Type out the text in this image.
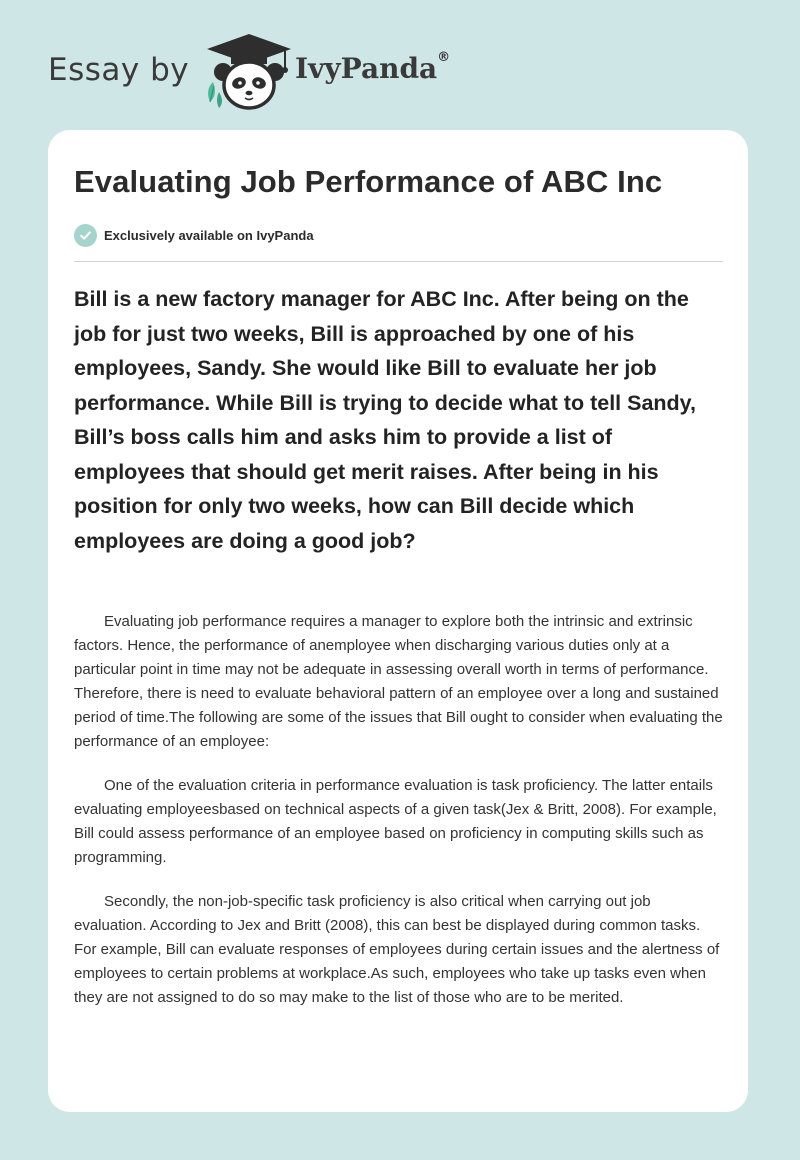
Essay by	IvyPanda®
Evaluating Job Performance of ABC Inc
Exclusively available on IvyPanda

Bill is a new factory manager for ABC Inc. After being on the job for just two weeks, Bill is approached by one of his employees, Sandy. She would like Bill to evaluate her job performance. While Bill is trying to decide what to tell Sandy, Bill’s boss calls him and asks him to provide a list of employees that should get merit raises. After being in his position for only two weeks, how can Bill decide which employees are doing a good job?

Evaluating job performance requires a manager to explore both the intrinsic and extrinsic factors. Hence, the performance of anemployee when discharging various duties only at a particular point in time may not be adequate in assessing overall worth in terms of performance. Therefore, there is need to evaluate behavioral pattern of an employee over a long and sustained period of time.The following are some of the issues that Bill ought to consider when evaluating the performance of an employee:

One of the evaluation criteria in performance evaluation is task proficiency. The latter entails evaluating employeesbased on technical aspects of a given task(Jex & Britt, 2008). For example, Bill could assess performance of an employee based on proficiency in computing skills such as programming.

Secondly, the non-job-specific task proficiency is also critical when carrying out job evaluation. According to Jex and Britt (2008), this can best be displayed during common tasks. For example, Bill can evaluate responses of employees during certain issues and the alertness of employees to certain problems at workplace.As such, employees who take up tasks even when they are not assigned to do so may make to the list of those who are to be merited.
